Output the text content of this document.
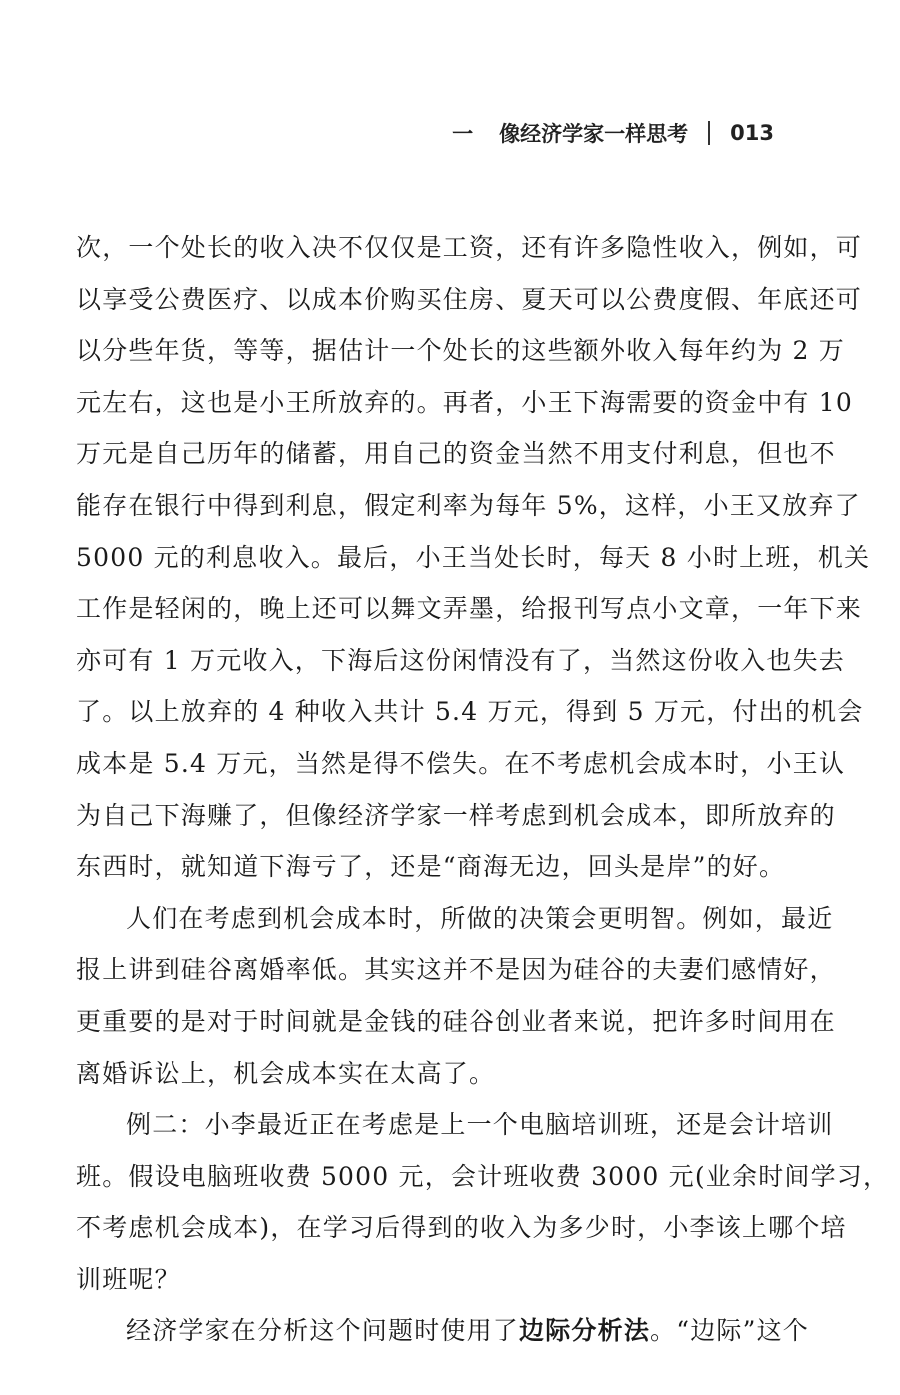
一 像经济学家一样思考 013
次，一个处长的收入决不仅仅是工资，还有许多隐性收入，例如，可
以享受公费医疗、以成本价购买住房、夏天可以公费度假、年底还可
以分些年货，等等，据估计一个处长的这些额外收入每年约为 2 万
元左右，这也是小王所放弃的。再者，小王下海需要的资金中有 10
万元是自己历年的储蓄，用自己的资金当然不用支付利息，但也不
能存在银行中得到利息，假定利率为每年 5%，这样，小王又放弃了
5000 元的利息收入。最后，小王当处长时，每天 8 小时上班，机关
工作是轻闲的，晚上还可以舞文弄墨，给报刊写点小文章，一年下来
亦可有 1 万元收入，下海后这份闲情没有了，当然这份收入也失去
了。以上放弃的 4 种收入共计 5.4 万元，得到 5 万元，付出的机会
成本是 5.4 万元，当然是得不偿失。在不考虑机会成本时，小王认
为自己下海赚了，但像经济学家一样考虑到机会成本，即所放弃的
东西时，就知道下海亏了，还是“商海无边，回头是岸”的好。
人们在考虑到机会成本时，所做的决策会更明智。例如，最近
报上讲到硅谷离婚率低。其实这并不是因为硅谷的夫妻们感情好，
更重要的是对于时间就是金钱的硅谷创业者来说，把许多时间用在
离婚诉讼上，机会成本实在太高了。
例二：小李最近正在考虑是上一个电脑培训班，还是会计培训
班。假设电脑班收费 5000 元，会计班收费 3000 元(业余时间学习，
不考虑机会成本)，在学习后得到的收入为多少时，小李该上哪个培
训班呢？
经济学家在分析这个问题时使用了边际分析法。“边际”这个
